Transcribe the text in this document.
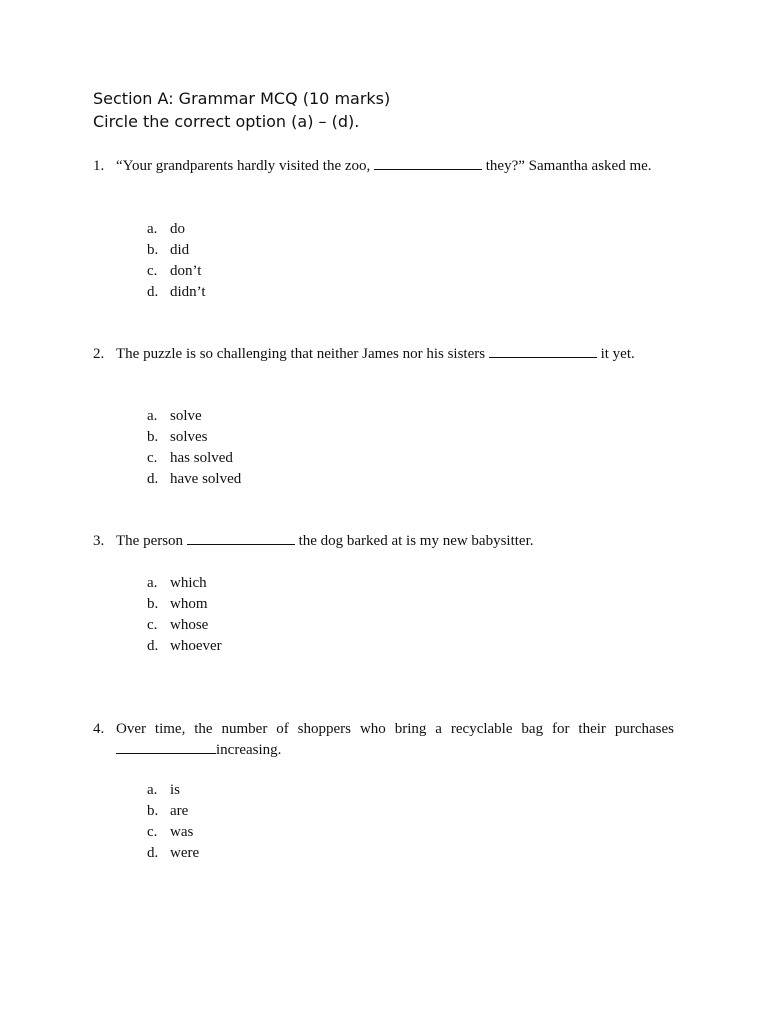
Section A: Grammar MCQ (10 marks)
Circle the correct option (a) – (d).
1. “Your grandparents hardly visited the zoo,	they?” Samantha asked me.
a. do
b. did
c. don’t
d. didn’t
2. The puzzle is so challenging that neither James nor his sisters	it yet.
a. solve
b. solves
c. has solved
d. have solved
3. The person	the dog barked at is my new babysitter.
a. which
b. whom
c. whose
d. whoever
4. Over time, the number of shoppers who bring a recyclable bag for their purchases increasing.
a. is
b. are
c. was
d. were
